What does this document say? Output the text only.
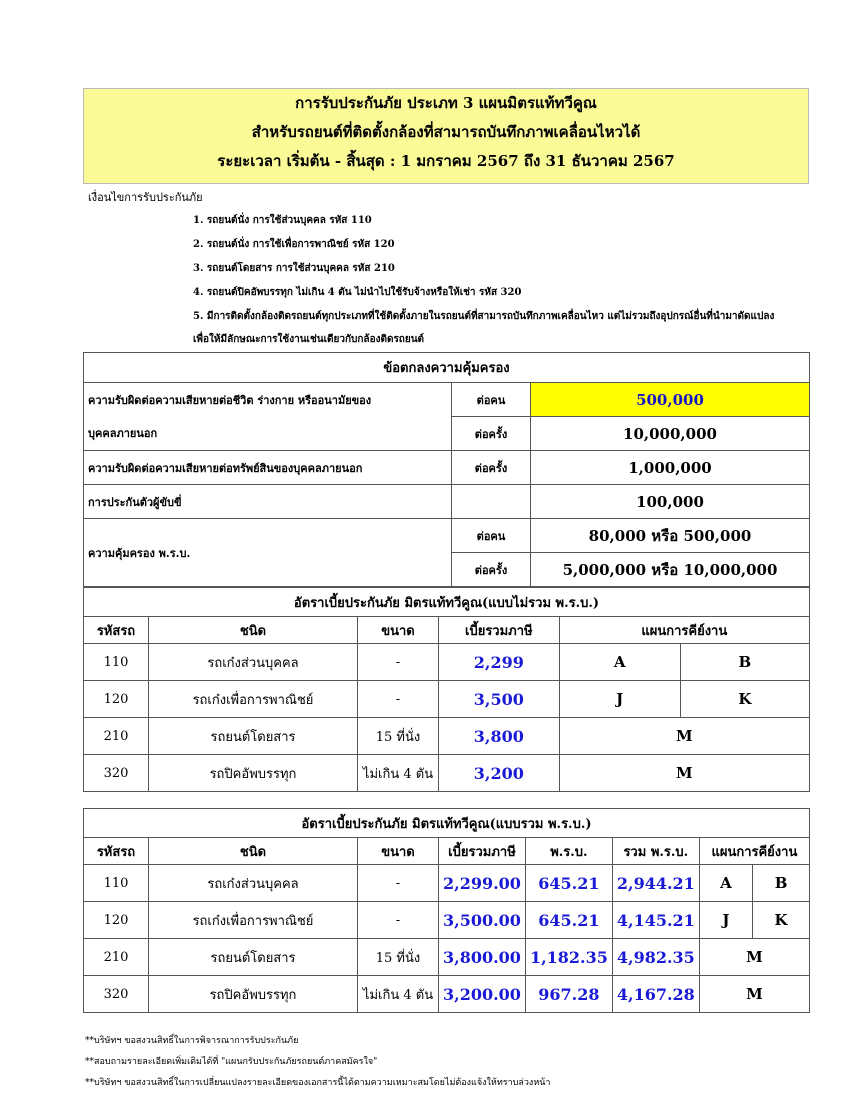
การรับประกันภัย ประเภท 3 แผนมิตรแท้ทวีคูณ
สำหรับรถยนต์ที่ติดตั้งกล้องที่สามารถบันทึกภาพเคลื่อนไหวได้
ระยะเวลา เริ่มต้น - สิ้นสุด : 1 มกราคม 2567 ถึง 31 ธันวาคม 2567
เงื่อนไขการรับประกันภัย
1. รถยนต์นั่ง การใช้ส่วนบุคคล รหัส 110
2. รถยนต์นั่ง การใช้เพื่อการพาณิชย์ รหัส 120
3. รถยนต์โดยสาร การใช้ส่วนบุคคล รหัส 210
4. รถยนต์ปิคอัพบรรทุก ไม่เกิน 4 ตัน ไม่นำไปใช้รับจ้างหรือให้เช่า รหัส 320
5. มีการติดตั้งกล้องติดรถยนต์ทุกประเภทที่ใช้ติดตั้งภายในรถยนต์ที่สามารถบันทึกภาพเคลื่อนไหว แต่ไม่รวมถึงอุปกรณ์อื่นที่นำมาดัดแปลง
เพื่อให้มีลักษณะการใช้งานเช่นเดียวกับกล้องติดรถยนต์
ข้อตกลงความคุ้มครอง		
ความรับผิดต่อความเสียหายต่อชีวิต ร่างกาย หรืออนามัยของ	ต่อคน	500,000
บุคคลภายนอก	ต่อครั้ง	10,000,000
ความรับผิดต่อความเสียหายต่อทรัพย์สินของบุคคลภายนอก	ต่อครั้ง	1,000,000
การประกันตัวผู้ขับขี่		100,000
ความคุ้มครอง พ.ร.บ.	ต่อคน	80,000 หรือ 500,000
	ต่อครั้ง	5,000,000 หรือ 10,000,000
อัตราเบี้ยประกันภัย มิตรแท้ทวีคูณ(แบบไม่รวม พ.ร.บ.)					
รหัสรถ	ชนิด	ขนาด	เบี้ยรวมภาษี	แผนการคีย์งาน	
110	รถเก๋งส่วนบุคคล	-	2,299	A	B
120	รถเก๋งเพื่อการพาณิชย์	-	3,500	J	K
210	รถยนต์โดยสาร	15 ที่นั่ง	3,800	M	
320	รถปิคอัพบรรทุก	ไม่เกิน 4 ตัน	3,200	M	
อัตราเบี้ยประกันภัย มิตรแท้ทวีคูณ(แบบรวม พ.ร.บ.)							
รหัสรถ	ชนิด	ขนาด	เบี้ยรวมภาษี	พ.ร.บ.	รวม พ.ร.บ.	แผนการคีย์งาน	
110	รถเก๋งส่วนบุคคล	-	2,299.00	645.21	2,944.21	A	B
120	รถเก๋งเพื่อการพาณิชย์	-	3,500.00	645.21	4,145.21	J	K
210	รถยนต์โดยสาร	15 ที่นั่ง	3,800.00	1,182.35	4,982.35	M	
320	รถปิคอัพบรรทุก	ไม่เกิน 4 ตัน	3,200.00	967.28	4,167.28	M	
**บริษัทฯ ขอสงวนสิทธิ์ในการพิจารณาการรับประกันภัย
**สอบถามรายละเอียดเพิ่มเติมได้ที่ "แผนกรับประกันภัยรถยนต์ภาคสมัครใจ"
**บริษัทฯ ขอสงวนสิทธิ์ในการเปลี่ยนแปลงรายละเอียดของเอกสารนี้ได้ตามความเหมาะสมโดยไม่ต้องแจ้งให้ทราบล่วงหน้า
